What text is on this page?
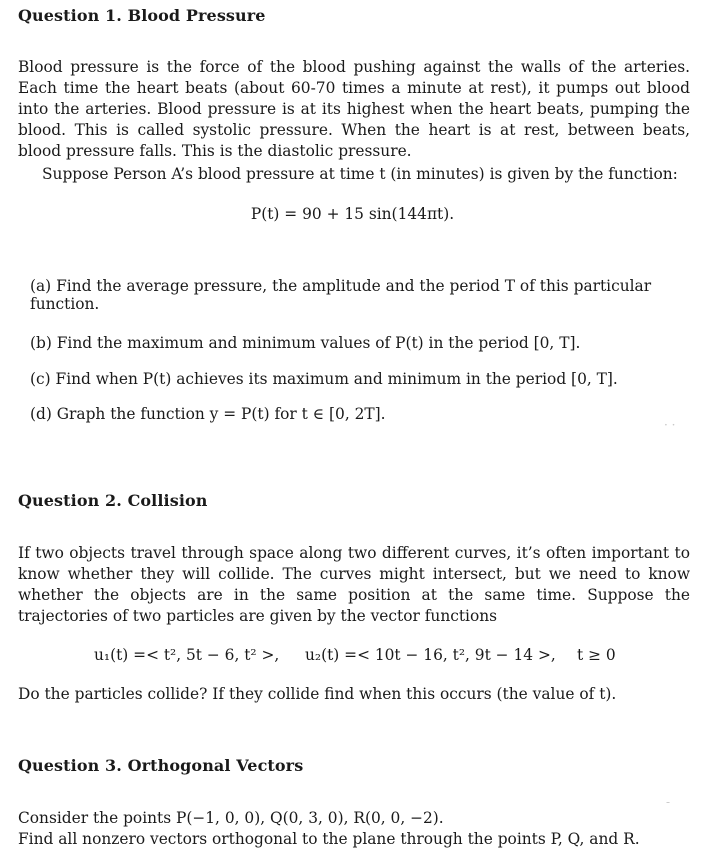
Question 1. Blood Pressure
Blood pressure is the force of the blood pushing against the walls of the arteries. Each time the heart beats (about 60-70 times a minute at rest), it pumps out blood into the arteries. Blood pressure is at its highest when the heart beats, pumping the blood. This is called systolic pressure. When the heart is at rest, between beats, blood pressure falls. This is the diastolic pressure.
Suppose Person A’s blood pressure at time t (in minutes) is given by the function:
P(t) = 90 + 15 sin(144πt).
(a) Find the average pressure, the amplitude and the period T of this particular function.
(b) Find the maximum and minimum values of P(t) in the period [0, T].
(c) Find when P(t) achieves its maximum and minimum in the period [0, T].
(d) Graph the function y = P(t) for t ∈ [0, 2T].
Question 2. Collision
If two objects travel through space along two different curves, it’s often important to know whether they will collide. The curves might intersect, but we need to know whether the objects are in the same position at the same time. Suppose the trajectories of two particles are given by the vector functions
u₁(t) =< t², 5t − 6, t² >, u₂(t) =< 10t − 16, t², 9t − 14 >, t ≥ 0
Do the particles collide? If they collide find when this occurs (the value of t).
Question 3. Orthogonal Vectors
Consider the points P(−1, 0, 0), Q(0, 3, 0), R(0, 0, −2).
Find all nonzero vectors orthogonal to the plane through the points P, Q, and R.
· ·
‑
